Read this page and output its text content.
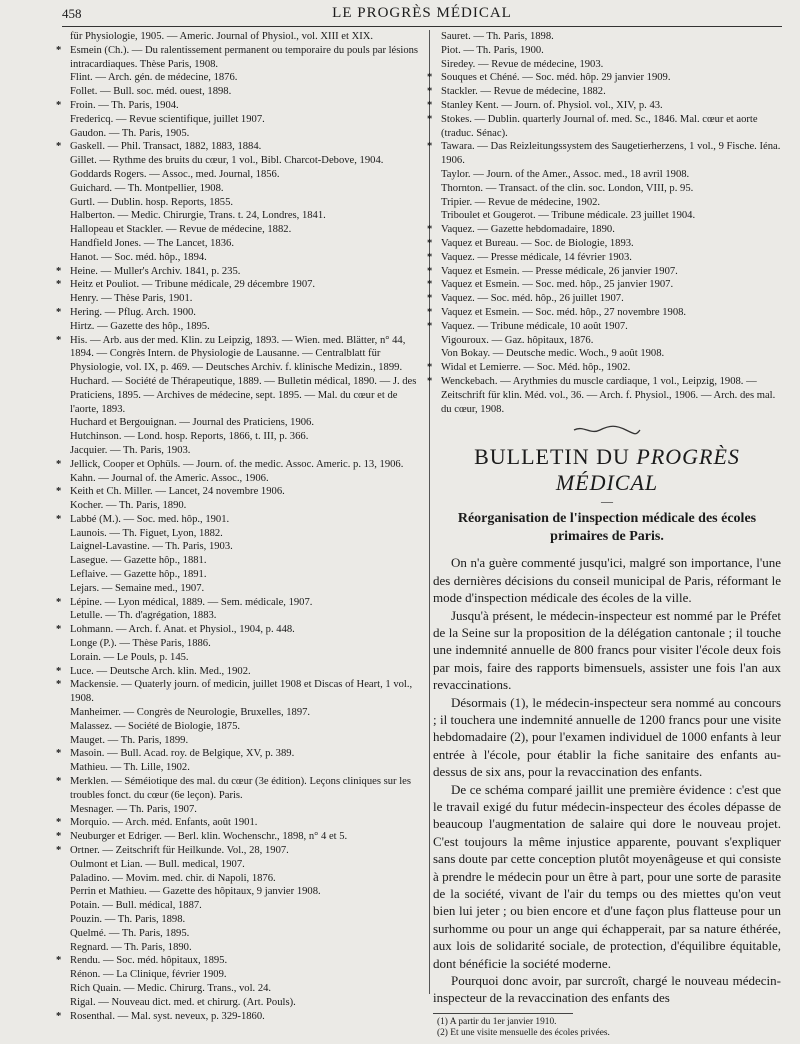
458	LE PROGRÈS MÉDICAL
für Physiologie, 1905. — Americ. Journal of Physiol., vol. XIII et XIX.
* Esmein (Ch.). — Du ralentissement permanent ou temporaire du pouls par lésions intracardiaques. Thèse Paris, 1908.
Flint. — Arch. gén. de médecine, 1876.
Follet. — Bull. soc. méd. ouest, 1898.
* Froin. — Th. Paris, 1904.
Fredericq. — Revue scientifique, juillet 1907.
Gaudon. — Th. Paris, 1905.
* Gaskell. — Phil. Transact, 1882, 1883, 1884.
Gillet. — Rythme des bruits du cœur, 1 vol., Bibl. Charcot-Debove, 1904.
Goddards Rogers. — Assoc., med. Journal, 1856.
Guichard. — Th. Montpellier, 1908.
Gurtl. — Dublin. hosp. Reports, 1855.
Halberton. — Medic. Chirurgie, Trans. t. 24, Londres, 1841.
Hallopeau et Stackler. — Revue de médecine, 1882.
Handfield Jones. — The Lancet, 1836.
Hanot. — Soc. méd. hôp., 1894.
* Heine. — Muller's Archiv. 1841, p. 235.
* Heitz et Pouliot. — Tribune médicale, 29 décembre 1907.
Henry. — Thèse Paris, 1901.
* Hering. — Pflug. Arch. 1900.
Hirtz. — Gazette des hôp., 1895.
* His. — Arb. aus der med. Klin. zu Leipzig, 1893. — Wien. med. Blätter, n° 44, 1894. — Congrès Intern. de Physiologie de Lausanne. — Centralblatt für Physiologie, vol. IX, p. 469. — Deutsches Archiv. f. klinische Medizin., 1899.
Huchard. — Société de Thérapeutique, 1889. — Bulletin médical, 1890. — J. des Praticiens, 1895. — Archives de médecine, sept. 1895. — Mal. du cœur et de l'aorte, 1893.
Huchard et Bergouignan. — Journal des Praticiens, 1906.
Hutchinson. — Lond. hosp. Reports, 1866, t. III, p. 366.
Jacquier. — Th. Paris, 1903.
* Jellick, Cooper et Ophüls. — Journ. of. the medic. Assoc. Americ. p. 13, 1906.
Kahn. — Journal of. the Americ. Assoc., 1906.
* Keith et Ch. Miller. — Lancet, 24 novembre 1906.
Kocher. — Th. Paris, 1890.
* Labbé (M.). — Soc. med. hôp., 1901.
Launois. — Th. Figuet, Lyon, 1882.
Laignel-Lavastine. — Th. Paris, 1903.
Lasegue. — Gazette hôp., 1881.
Leflaive. — Gazette hôp., 1891.
Lejars. — Semaine med., 1907.
* Lépine. — Lyon médical, 1889. — Sem. médicale, 1907.
Letulle. — Th. d'agrégation, 1883.
* Lohmann. — Arch. f. Anat. et Physiol., 1904, p. 448.
Longe (P.). — Thèse Paris, 1886.
Lorain. — Le Pouls, p. 145.
* Luce. — Deutsche Arch. klin. Med., 1902.
* Mackensie. — Quaterly journ. of medicin, juillet 1908 et Discas of Heart, 1 vol., 1908.
Manheimer. — Congrès de Neurologie, Bruxelles, 1897.
Malassez. — Société de Biologie, 1875.
Mauget. — Th. Paris, 1899.
* Masoin. — Bull. Acad. roy. de Belgique, XV, p. 389.
Mathieu. — Th. Lille, 1902.
* Merklen. — Séméiotique des mal. du cœur (3e édition). Leçons cliniques sur les troubles fonct. du cœur (6e leçon). Paris.
Mesnager. — Th. Paris, 1907.
* Morquio. — Arch. méd. Enfants, août 1901.
* Neuburger et Edriger. — Berl. klin. Wochenschr., 1898, n° 4 et 5.
* Ortner. — Zeitschrift für Heilkunde. Vol., 28, 1907.
Oulmont et Lian. — Bull. medical, 1907.
Paladino. — Movim. med. chir. di Napoli, 1876.
Perrin et Mathieu. — Gazette des hôpitaux, 9 janvier 1908.
Potain. — Bull. médical, 1887.
Pouzin. — Th. Paris, 1898.
Quelmé. — Th. Paris, 1895.
Regnard. — Th. Paris, 1890.
* Rendu. — Soc. méd. hôpitaux, 1895.
Rénon. — La Clinique, février 1909.
Rich Quain. — Medic. Chirurg. Trans., vol. 24.
Rigal. — Nouveau dict. med. et chirurg. (Art. Pouls).
* Rosenthal. — Mal. syst. neveux, p. 329-1860.
Sauret. — Th. Paris, 1898.
Piot. — Th. Paris, 1900.
Siredey. — Revue de médecine, 1903.
* Souques et Chéné. — Soc. méd. hôp. 29 janvier 1909.
* Stackler. — Revue de médecine, 1882.
* Stanley Kent. — Journ. of. Physiol. vol., XIV, p. 43.
* Stokes. — Dublin. quarterly Journal of. med. Sc., 1846. Mal. cœur et aorte (traduc. Sénac).
* Tawara. — Das Reizleitungssystem des Saugetierherzens, 1 vol., 9 Fische. Iéna. 1906.
Taylor. — Journ. of the Amer., Assoc. med., 18 avril 1908.
Thornton. — Transact. of the clin. soc. London, VIII, p. 95.
Tripier. — Revue de médecine, 1902.
Triboulet et Gougerot. — Tribune médicale. 23 juillet 1904.
* Vaquez. — Gazette hebdomadaire, 1890.
* Vaquez et Bureau. — Soc. de Biologie, 1893.
* Vaquez. — Presse médicale, 14 février 1903.
* Vaquez et Esmein. — Presse médicale, 26 janvier 1907.
* Vaquez et Esmein. — Soc. med. hôp., 25 janvier 1907.
* Vaquez. — Soc. méd. hôp., 26 juillet 1907.
* Vaquez et Esmein. — Soc. méd. hôp., 27 novembre 1908.
* Vaquez. — Tribune médicale, 10 août 1907.
Vigouroux. — Gaz. hôpitaux, 1876.
Von Bokay. — Deutsche medic. Woch., 9 août 1908.
* Widal et Lemierre. — Soc. Méd. hôp., 1902.
* Wenckebach. — Arythmies du muscle cardiaque, 1 vol., Leipzig, 1908. — Zeitschrift für klin. Méd. vol., 36. — Arch. f. Physiol., 1906. — Arch. des mal. du cœur, 1908.
BULLETIN DU PROGRÈS MÉDICAL
—
Réorganisation de l'inspection médicale des écoles primaires de Paris.

On n'a guère commenté jusqu'ici, malgré son importance, l'une des dernières décisions du conseil municipal de Paris, réformant le mode d'inspection médicale des écoles de la ville.

Jusqu'à présent, le médecin-inspecteur est nommé par le Préfet de la Seine sur la proposition de la délégation cantonale ; il touche une indemnité annuelle de 800 francs pour visiter l'école deux fois par mois, faire des rapports bimensuels, assister une fois l'an aux revaccinations.

Désormais (1), le médecin-inspecteur sera nommé au concours ; il touchera une indemnité annuelle de 1200 francs pour une visite hebdomadaire (2), pour l'examen individuel de 1000 enfants à leur entrée à l'école, pour établir la fiche sanitaire des enfants au-dessus de six ans, pour la revaccination des enfants.

De ce schéma comparé jaillit une première évidence : c'est que le travail exigé du futur médecin-inspecteur des écoles dépasse de beaucoup l'augmentation de salaire qui dore le nouveau projet. C'est toujours la même injustice apparente, pouvant s'expliquer sans doute par cette conception plutôt moyenâgeuse et qui consiste à prendre le médecin pour un être à part, pour une sorte de parasite de la société, vivant de l'air du temps ou des miettes qu'on veut bien lui jeter ; ou bien encore et d'une façon plus flatteuse pour un surhomme ou pour un ange qui échapperait, par sa nature éthérée, aux lois de solidarité sociale, de protection, d'équilibre équitable, dont bénéficie la société moderne.

Pourquoi donc avoir, par surcroît, chargé le nouveau médecin-inspecteur de la revaccination des enfants des

(1) A partir du 1er janvier 1910.
(2) Et une visite mensuelle des écoles privées.
